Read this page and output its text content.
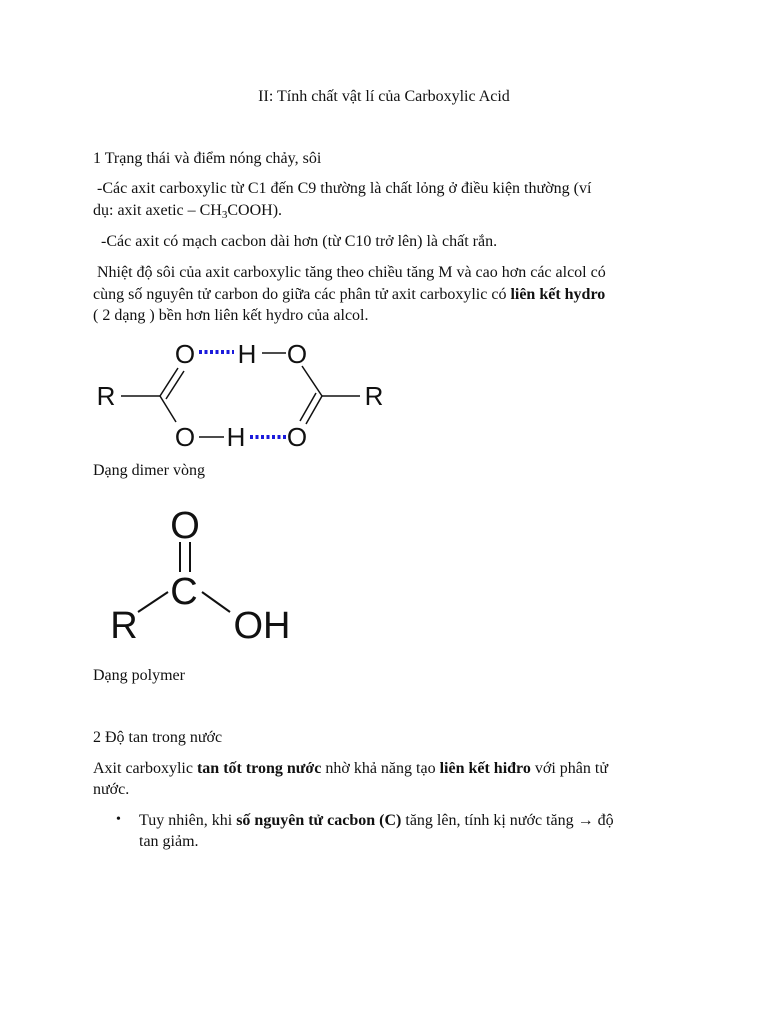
II: Tính chất vật lí của Carboxylic Acid
1 Trạng thái và điểm nóng chảy, sôi
-Các axit carboxylic từ C1 đến C9 thường là chất lỏng ở điều kiện thường (ví
dụ: axit axetic – $CH_3COOH$).
-Các axit có mạch cacbon dài hơn (từ C10 trở lên) là chất rắn.
Nhiệt độ sôi của axit carboxylic tăng theo chiều tăng M và cao hơn các alcol có
cùng số nguyên tử carbon do giữa các phân tử axit carboxylic có liên kết hydro
( 2 dạng ) bền hơn liên kết hydro của alcol.
O H O
R	R
O H O
Dạng dimer vòng
O
C
R	OH
Dạng polymer
2 Độ tan trong nước
Axit carboxylic tan tốt trong nước nhờ khả năng tạo liên kết hiđro với phân tử
nước.
• Tuy nhiên, khi số nguyên tử cacbon (C) tăng lên, tính kị nước tăng → độ
tan giảm.
